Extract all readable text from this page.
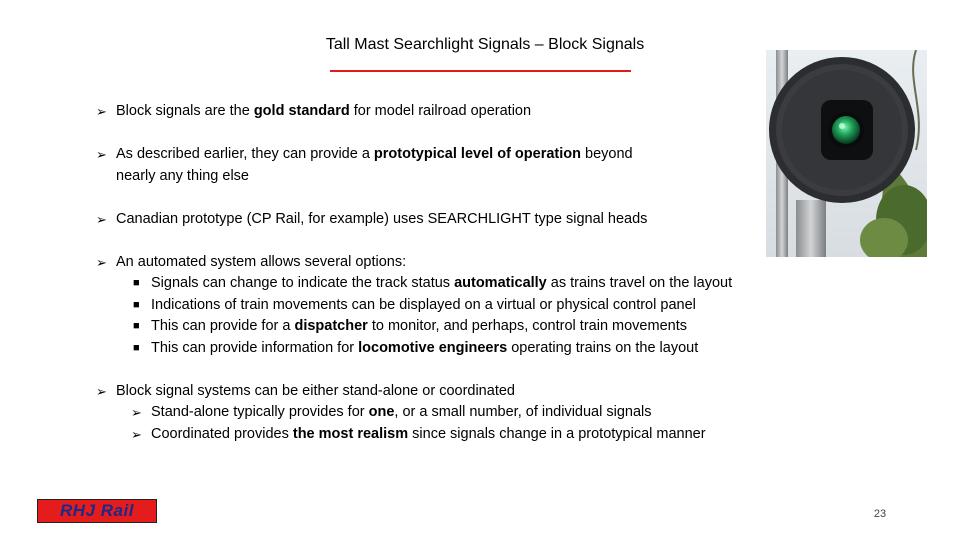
Tall Mast Searchlight Signals – Block Signals
➢ Block signals are the gold standard for model railroad operation
➢ As described earlier, they can provide a prototypical level of operation beyond
nearly any thing else
➢ Canadian prototype (CP Rail, for example) uses SEARCHLIGHT type signal heads
➢ An automated system allows several options:
■ Signals can change to indicate the track status automatically as trains travel on the layout
■ Indications of train movements can be displayed on a virtual or physical control panel
■ This can provide for a dispatcher to monitor, and perhaps, control train movements
■ This can provide information for locomotive engineers operating trains on the layout
➢ Block signal systems can be either stand-alone or coordinated
➢ Stand-alone typically provides for one, or a small number, of individual signals
➢ Coordinated provides the most realism since signals change in a prototypical manner
RHJ Rail	23
